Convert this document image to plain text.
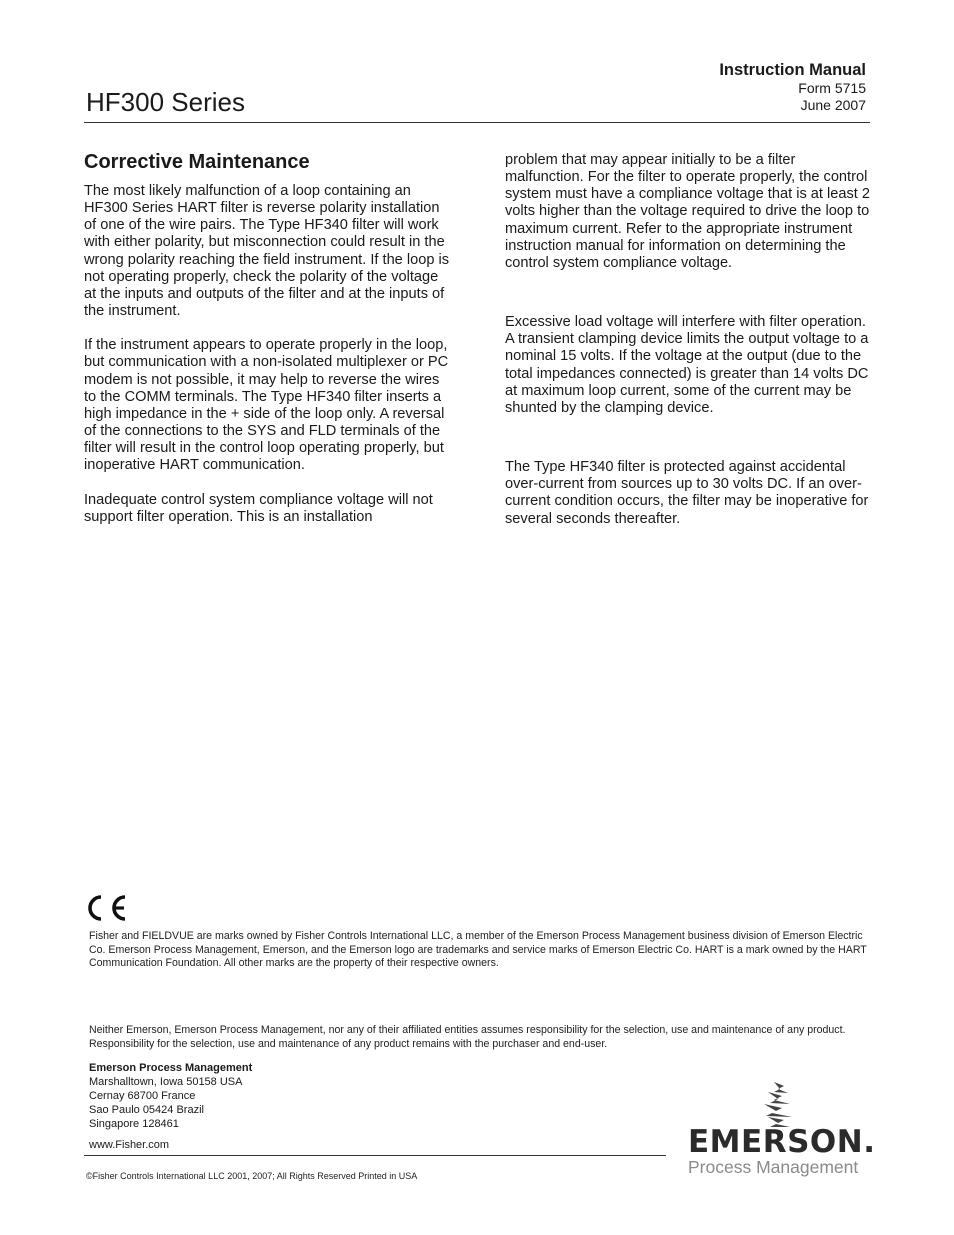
Instruction Manual
Form 5715
June 2007
HF300 Series
Corrective Maintenance

The most likely malfunction of a loop containing an HF300 Series HART filter is reverse polarity installation of one of the wire pairs. The Type HF340 filter will work with either polarity, but misconnection could result in the wrong polarity reaching the field instrument. If the loop is not operating properly, check the polarity of the voltage at the inputs and outputs of the filter and at the inputs of the instrument.

If the instrument appears to operate properly in the loop, but communication with a non-isolated multiplexer or PC modem is not possible, it may help to reverse the wires to the COMM terminals. The Type HF340 filter inserts a high impedance in the + side of the loop only. A reversal of the connections to the SYS and FLD terminals of the filter will result in the control loop operating properly, but inoperative HART communication.

Inadequate control system compliance voltage will not support filter operation. This is an installation

problem that may appear initially to be a filter malfunction. For the filter to operate properly, the control system must have a compliance voltage that is at least 2 volts higher than the voltage required to drive the loop to maximum current. Refer to the appropriate instrument instruction manual for information on determining the control system compliance voltage.

Excessive load voltage will interfere with filter operation. A transient clamping device limits the output voltage to a nominal 15 volts. If the voltage at the output (due to the total impedances connected) is greater than 14 volts DC at maximum loop current, some of the current may be shunted by the clamping device.

The Type HF340 filter is protected against accidental over-current from sources up to 30 volts DC. If an over-current condition occurs, the filter may be inoperative for several seconds thereafter.

Fisher and FIELDVUE are marks owned by Fisher Controls International LLC, a member of the Emerson Process Management business division of Emerson Electric Co. Emerson Process Management, Emerson, and the Emerson logo are trademarks and service marks of Emerson Electric Co. HART is a mark owned by the HART Communication Foundation. All other marks are the property of their respective owners.
Neither Emerson, Emerson Process Management, nor any of their affiliated entities assumes responsibility for the selection, use and maintenance of any product. Responsibility for the selection, use and maintenance of any product remains with the purchaser and end-user.
Emerson Process Management
Marshalltown, Iowa 50158 USA
Cernay 68700 France
Sao Paulo 05424 Brazil
Singapore 128461
www.Fisher.com
©Fisher Controls International LLC 2001, 2007; All Rights Reserved Printed in USA
EMERSON.
Process Management
